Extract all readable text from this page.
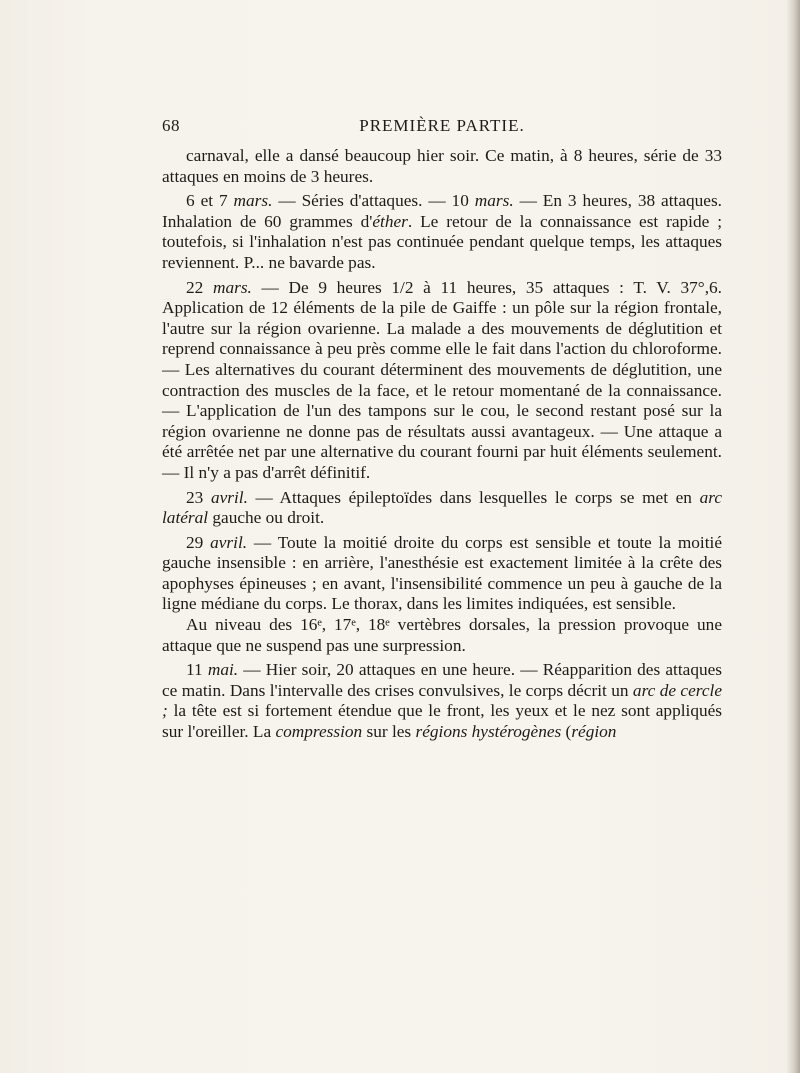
68	PREMIÈRE PARTIE.

carnaval, elle a dansé beaucoup hier soir. Ce matin, à 8 heures, série de 33 attaques en moins de 3 heures.

6 et 7 mars. — Séries d'attaques. — 10 mars. — En 3 heures, 38 attaques. Inhalation de 60 grammes d'éther. Le retour de la connaissance est rapide ; toutefois, si l'inhalation n'est pas continuée pendant quelque temps, les attaques reviennent. P... ne bavarde pas.

22 mars. — De 9 heures 1/2 à 11 heures, 35 attaques : T. V. 37°,6. Application de 12 éléments de la pile de Gaiffe : un pôle sur la région frontale, l'autre sur la région ovarienne. La malade a des mouvements de déglutition et reprend connaissance à peu près comme elle le fait dans l'action du chloroforme. — Les alternatives du courant déterminent des mouvements de déglutition, une contraction des muscles de la face, et le retour momentané de la connaissance. — L'application de l'un des tampons sur le cou, le second restant posé sur la région ovarienne ne donne pas de résultats aussi avantageux. — Une attaque a été arrêtée net par une alternative du courant fourni par huit éléments seulement. — Il n'y a pas d'arrêt définitif.

23 avril. — Attaques épileptoïdes dans lesquelles le corps se met en arc latéral gauche ou droit.

29 avril. — Toute la moitié droite du corps est sensible et toute la moitié gauche insensible : en arrière, l'anesthésie est exactement limitée à la crête des apophyses épineuses ; en avant, l'insensibilité commence un peu à gauche de la ligne médiane du corps. Le thorax, dans les limites indiquées, est sensible.

Au niveau des 16ᵉ, 17ᵉ, 18ᵉ vertèbres dorsales, la pression provoque une attaque que ne suspend pas une surpression.

11 mai. — Hier soir, 20 attaques en une heure. — Réapparition des attaques ce matin. Dans l'intervalle des crises convulsives, le corps décrit un arc de cercle ; la tête est si fortement étendue que le front, les yeux et le nez sont appliqués sur l'oreiller. La compression sur les régions hystérogènes (région
